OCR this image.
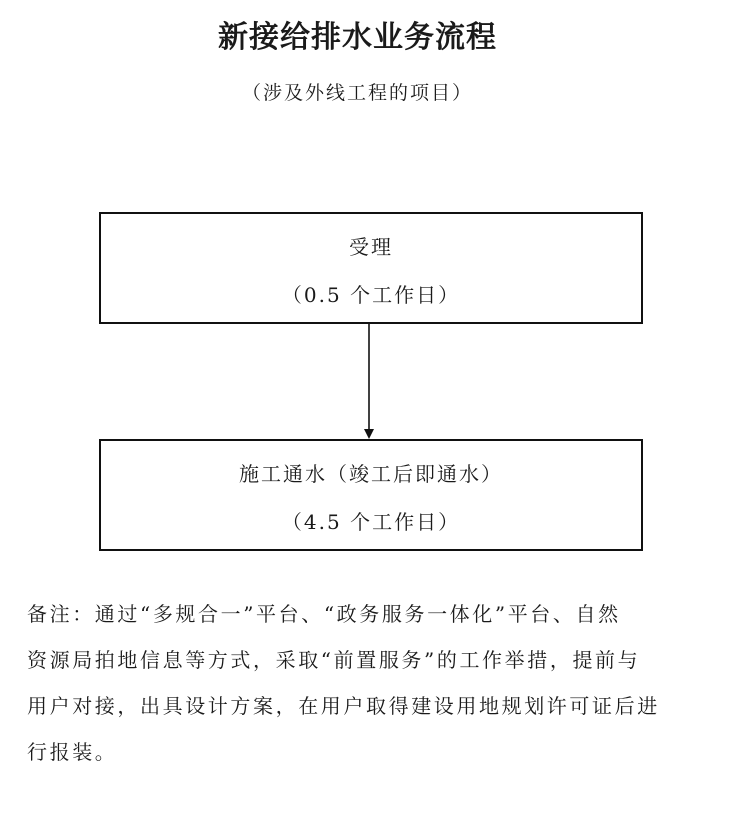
新接给排水业务流程
（涉及外线工程的项目）
受理
（0.5 个工作日）
施工通水（竣工后即通水）
（4.5 个工作日）
备注：通过“多规合一”平台、“政务服务一体化”平台、自然
资源局拍地信息等方式，采取“前置服务”的工作举措，提前与
用户对接，出具设计方案，在用户取得建设用地规划许可证后进
行报装。
